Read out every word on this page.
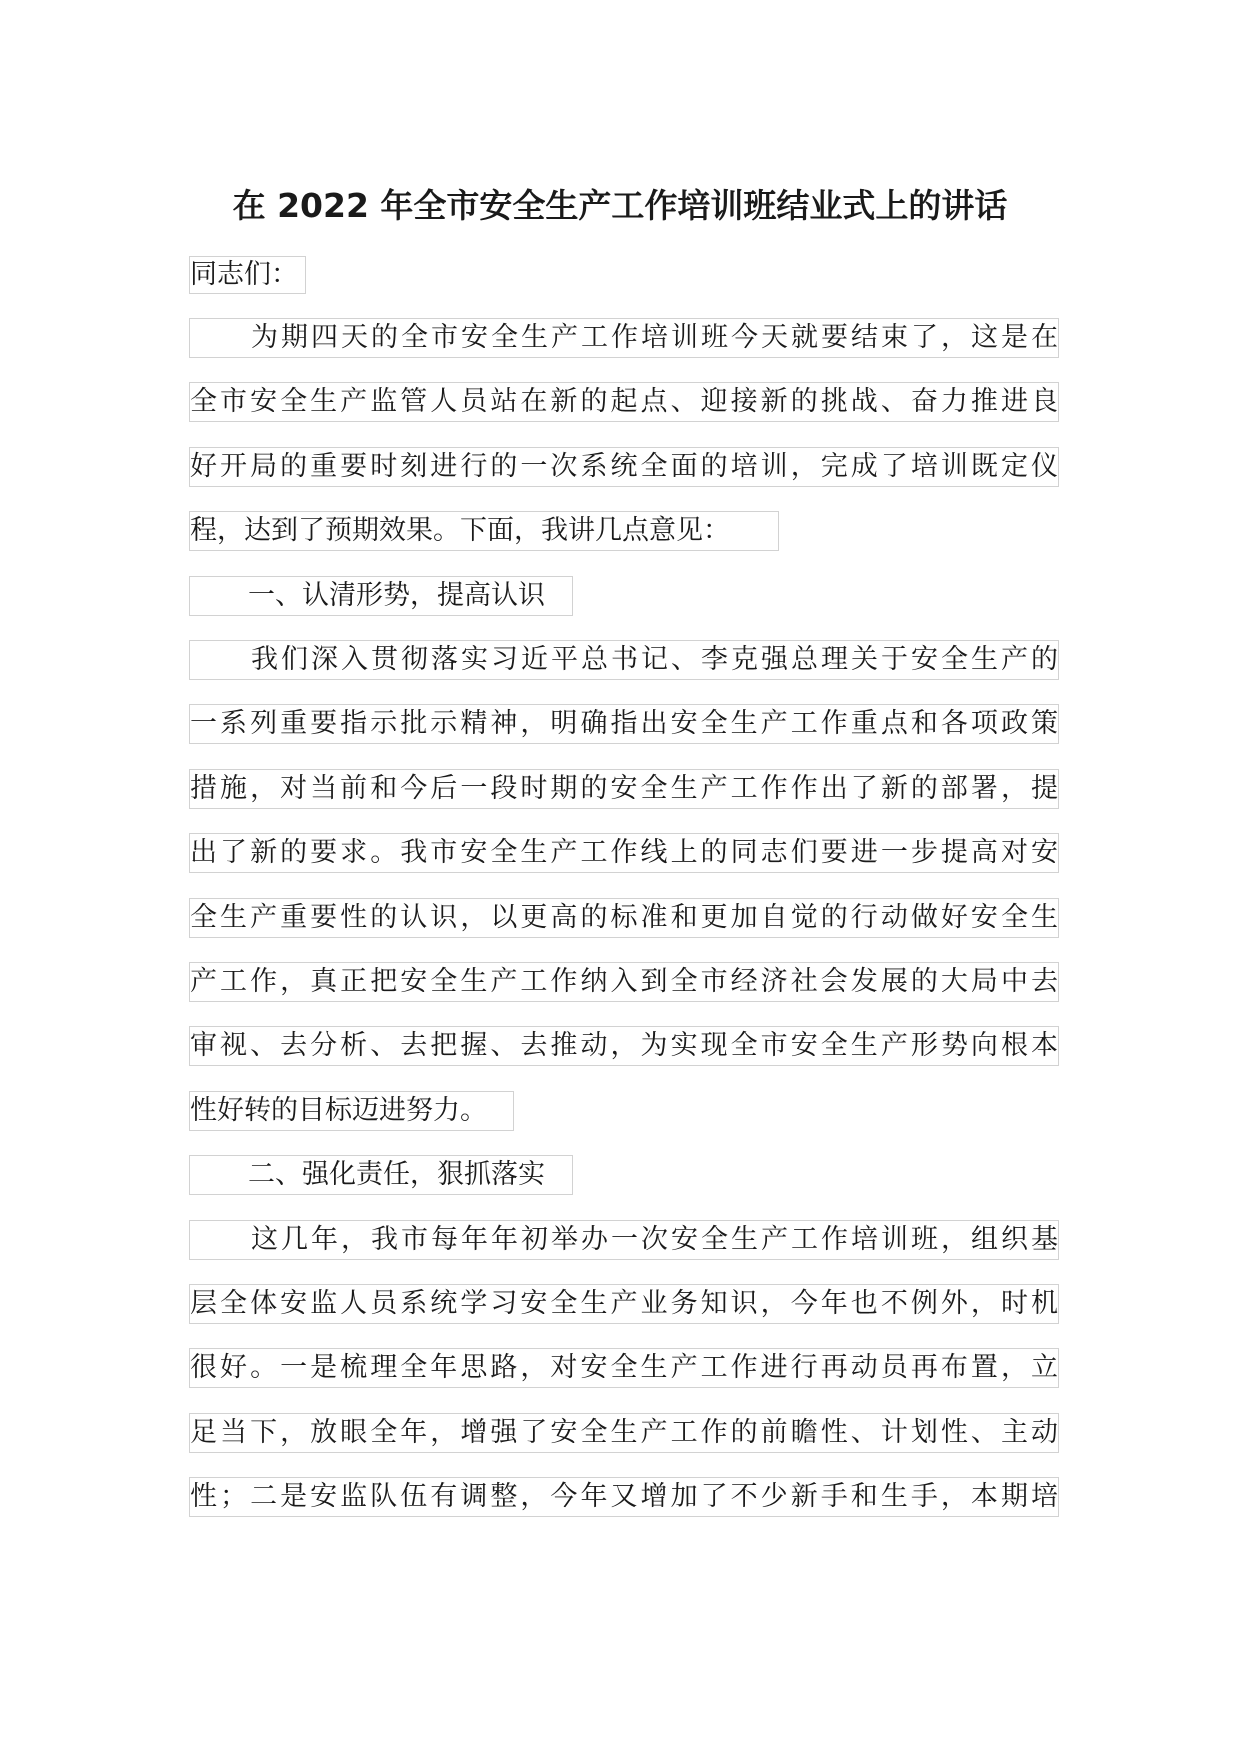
在 2022 年全市安全生产工作培训班结业式上的讲话
同志们：
为期四天的全市安全生产工作培训班今天就要结束了，这是在
全市安全生产监管人员站在新的起点、迎接新的挑战、奋力推进良
好开局的重要时刻进行的一次系统全面的培训，完成了培训既定仪
程，达到了预期效果。下面，我讲几点意见：
一、认清形势，提高认识
我们深入贯彻落实习近平总书记、李克强总理关于安全生产的
一系列重要指示批示精神，明确指出安全生产工作重点和各项政策
措施，对当前和今后一段时期的安全生产工作作出了新的部署，提
出了新的要求。我市安全生产工作线上的同志们要进一步提高对安
全生产重要性的认识，以更高的标准和更加自觉的行动做好安全生
产工作，真正把安全生产工作纳入到全市经济社会发展的大局中去
审视、去分析、去把握、去推动，为实现全市安全生产形势向根本
性好转的目标迈进努力。
二、强化责任，狠抓落实
这几年，我市每年年初举办一次安全生产工作培训班，组织基
层全体安监人员系统学习安全生产业务知识，今年也不例外，时机
很好。一是梳理全年思路，对安全生产工作进行再动员再布置，立
足当下，放眼全年，增强了安全生产工作的前瞻性、计划性、主动
性；二是安监队伍有调整，今年又增加了不少新手和生手，本期培
